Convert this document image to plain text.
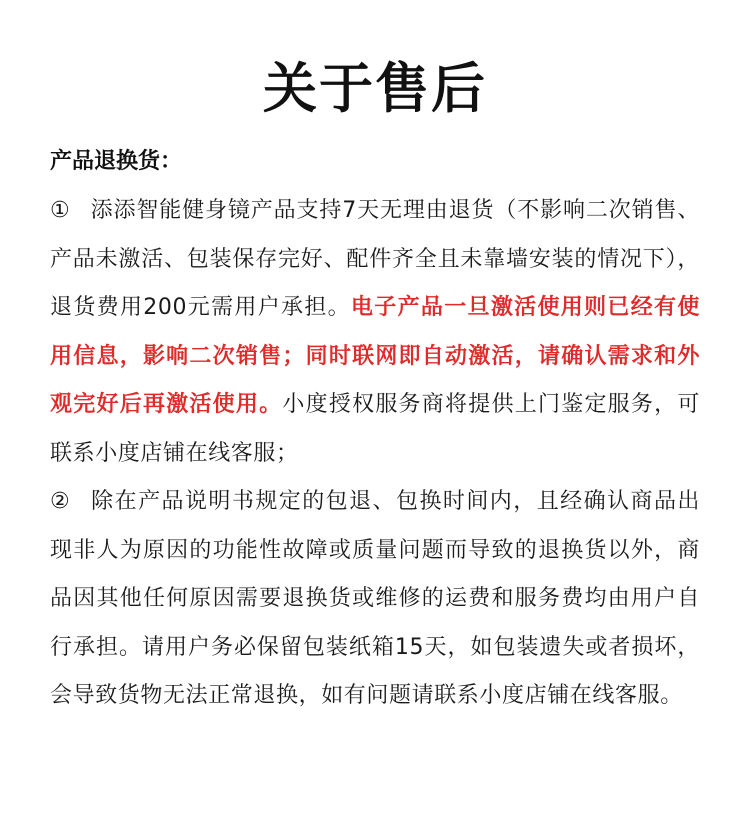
关于售后
产品退换货：

① 添添智能健身镜产品支持7天无理由退货（不影响二次销售、产品未激活、包装保存完好、配件齐全且未靠墙安装的情况下），退货费用200元需用户承担。电子产品一旦激活使用则已经有使用信息，影响二次销售；同时联网即自动激活，请确认需求和外观完好后再激活使用。小度授权服务商将提供上门鉴定服务，可联系小度店铺在线客服；

② 除在产品说明书规定的包退、包换时间内，且经确认商品出现非人为原因的功能性故障或质量问题而导致的退换货以外，商品因其他任何原因需要退换货或维修的运费和服务费均由用户自行承担。请用户务必保留包装纸箱15天，如包装遗失或者损坏，会导致货物无法正常退换，如有问题请联系小度店铺在线客服。
